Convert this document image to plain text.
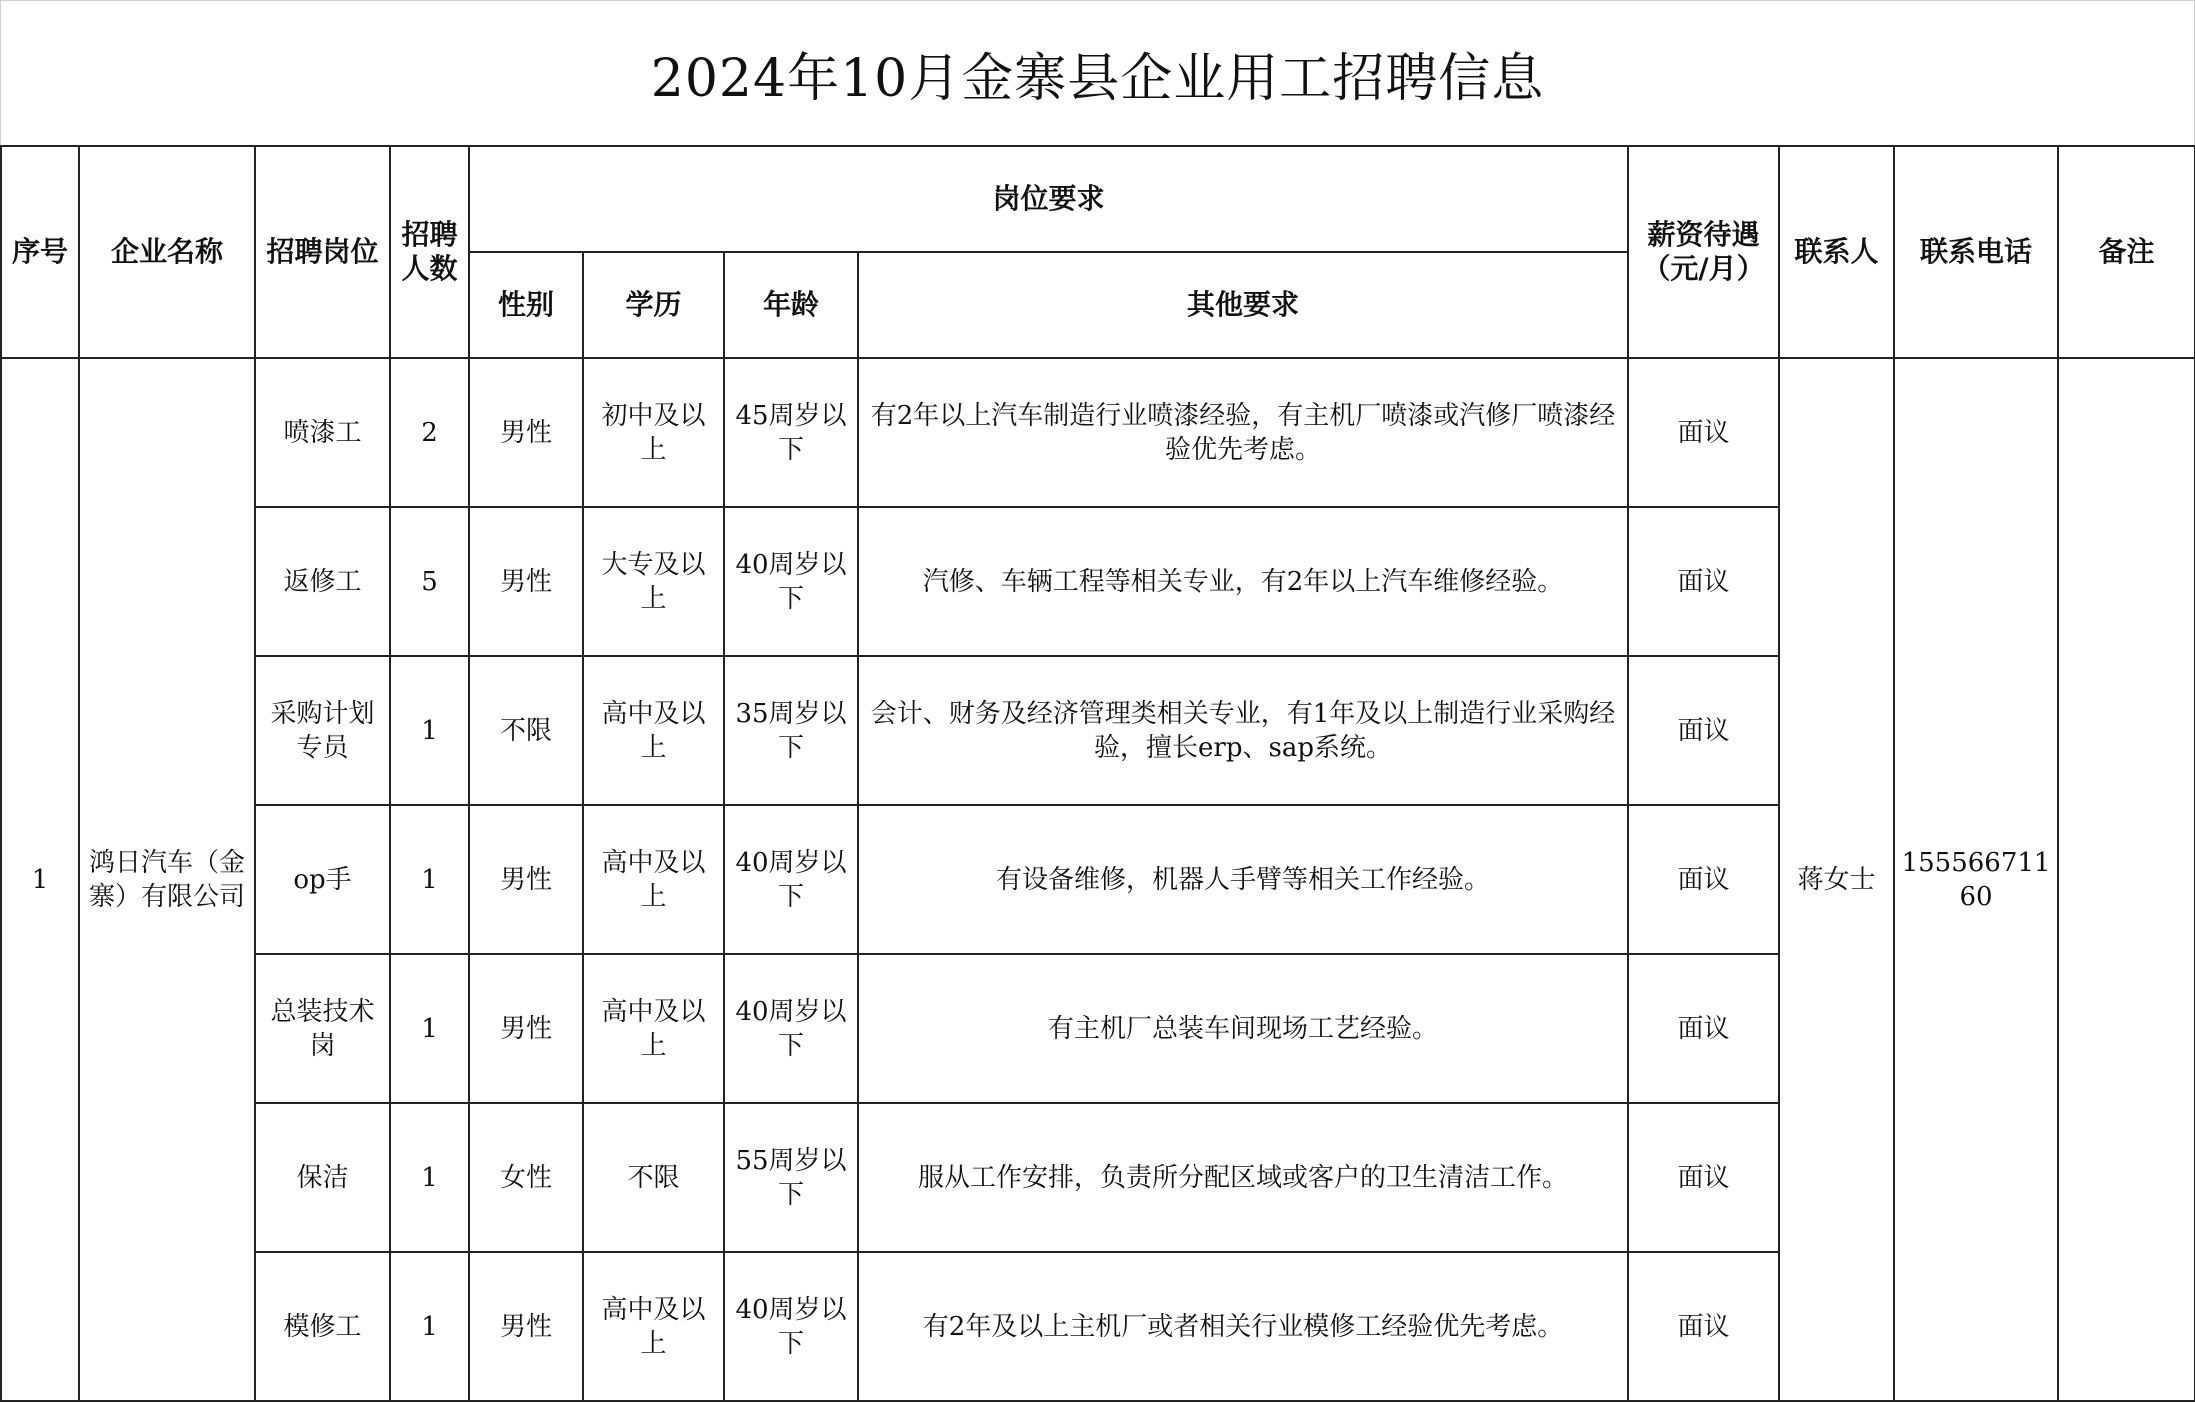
2024年10月金寨县企业用工招聘信息
序号	企业名称	招聘岗位	招聘人数	岗位要求				薪资待遇（元/月）	联系人	联系电话	备注
				性别	学历	年龄	其他要求				
1	鸿日汽车（金寨）有限公司	喷漆工	2	男性	初中及以上	45周岁以下	有2年以上汽车制造行业喷漆经验，有主机厂喷漆或汽修厂喷漆经验优先考虑。	面议	蒋女士	15556671160	
		返修工	5	男性	大专及以上	40周岁以下	汽修、车辆工程等相关专业，有2年以上汽车维修经验。	面议			
		采购计划专员	1	不限	高中及以上	35周岁以下	会计、财务及经济管理类相关专业，有1年及以上制造行业采购经验，擅长erp、sap系统。	面议			
		op手	1	男性	高中及以上	40周岁以下	有设备维修，机器人手臂等相关工作经验。	面议			
		总装技术岗	1	男性	高中及以上	40周岁以下	有主机厂总装车间现场工艺经验。	面议			
		保洁	1	女性	不限	55周岁以下	服从工作安排，负责所分配区域或客户的卫生清洁工作。	面议			
		模修工	1	男性	高中及以上	40周岁以下	有2年及以上主机厂或者相关行业模修工经验优先考虑。	面议			
